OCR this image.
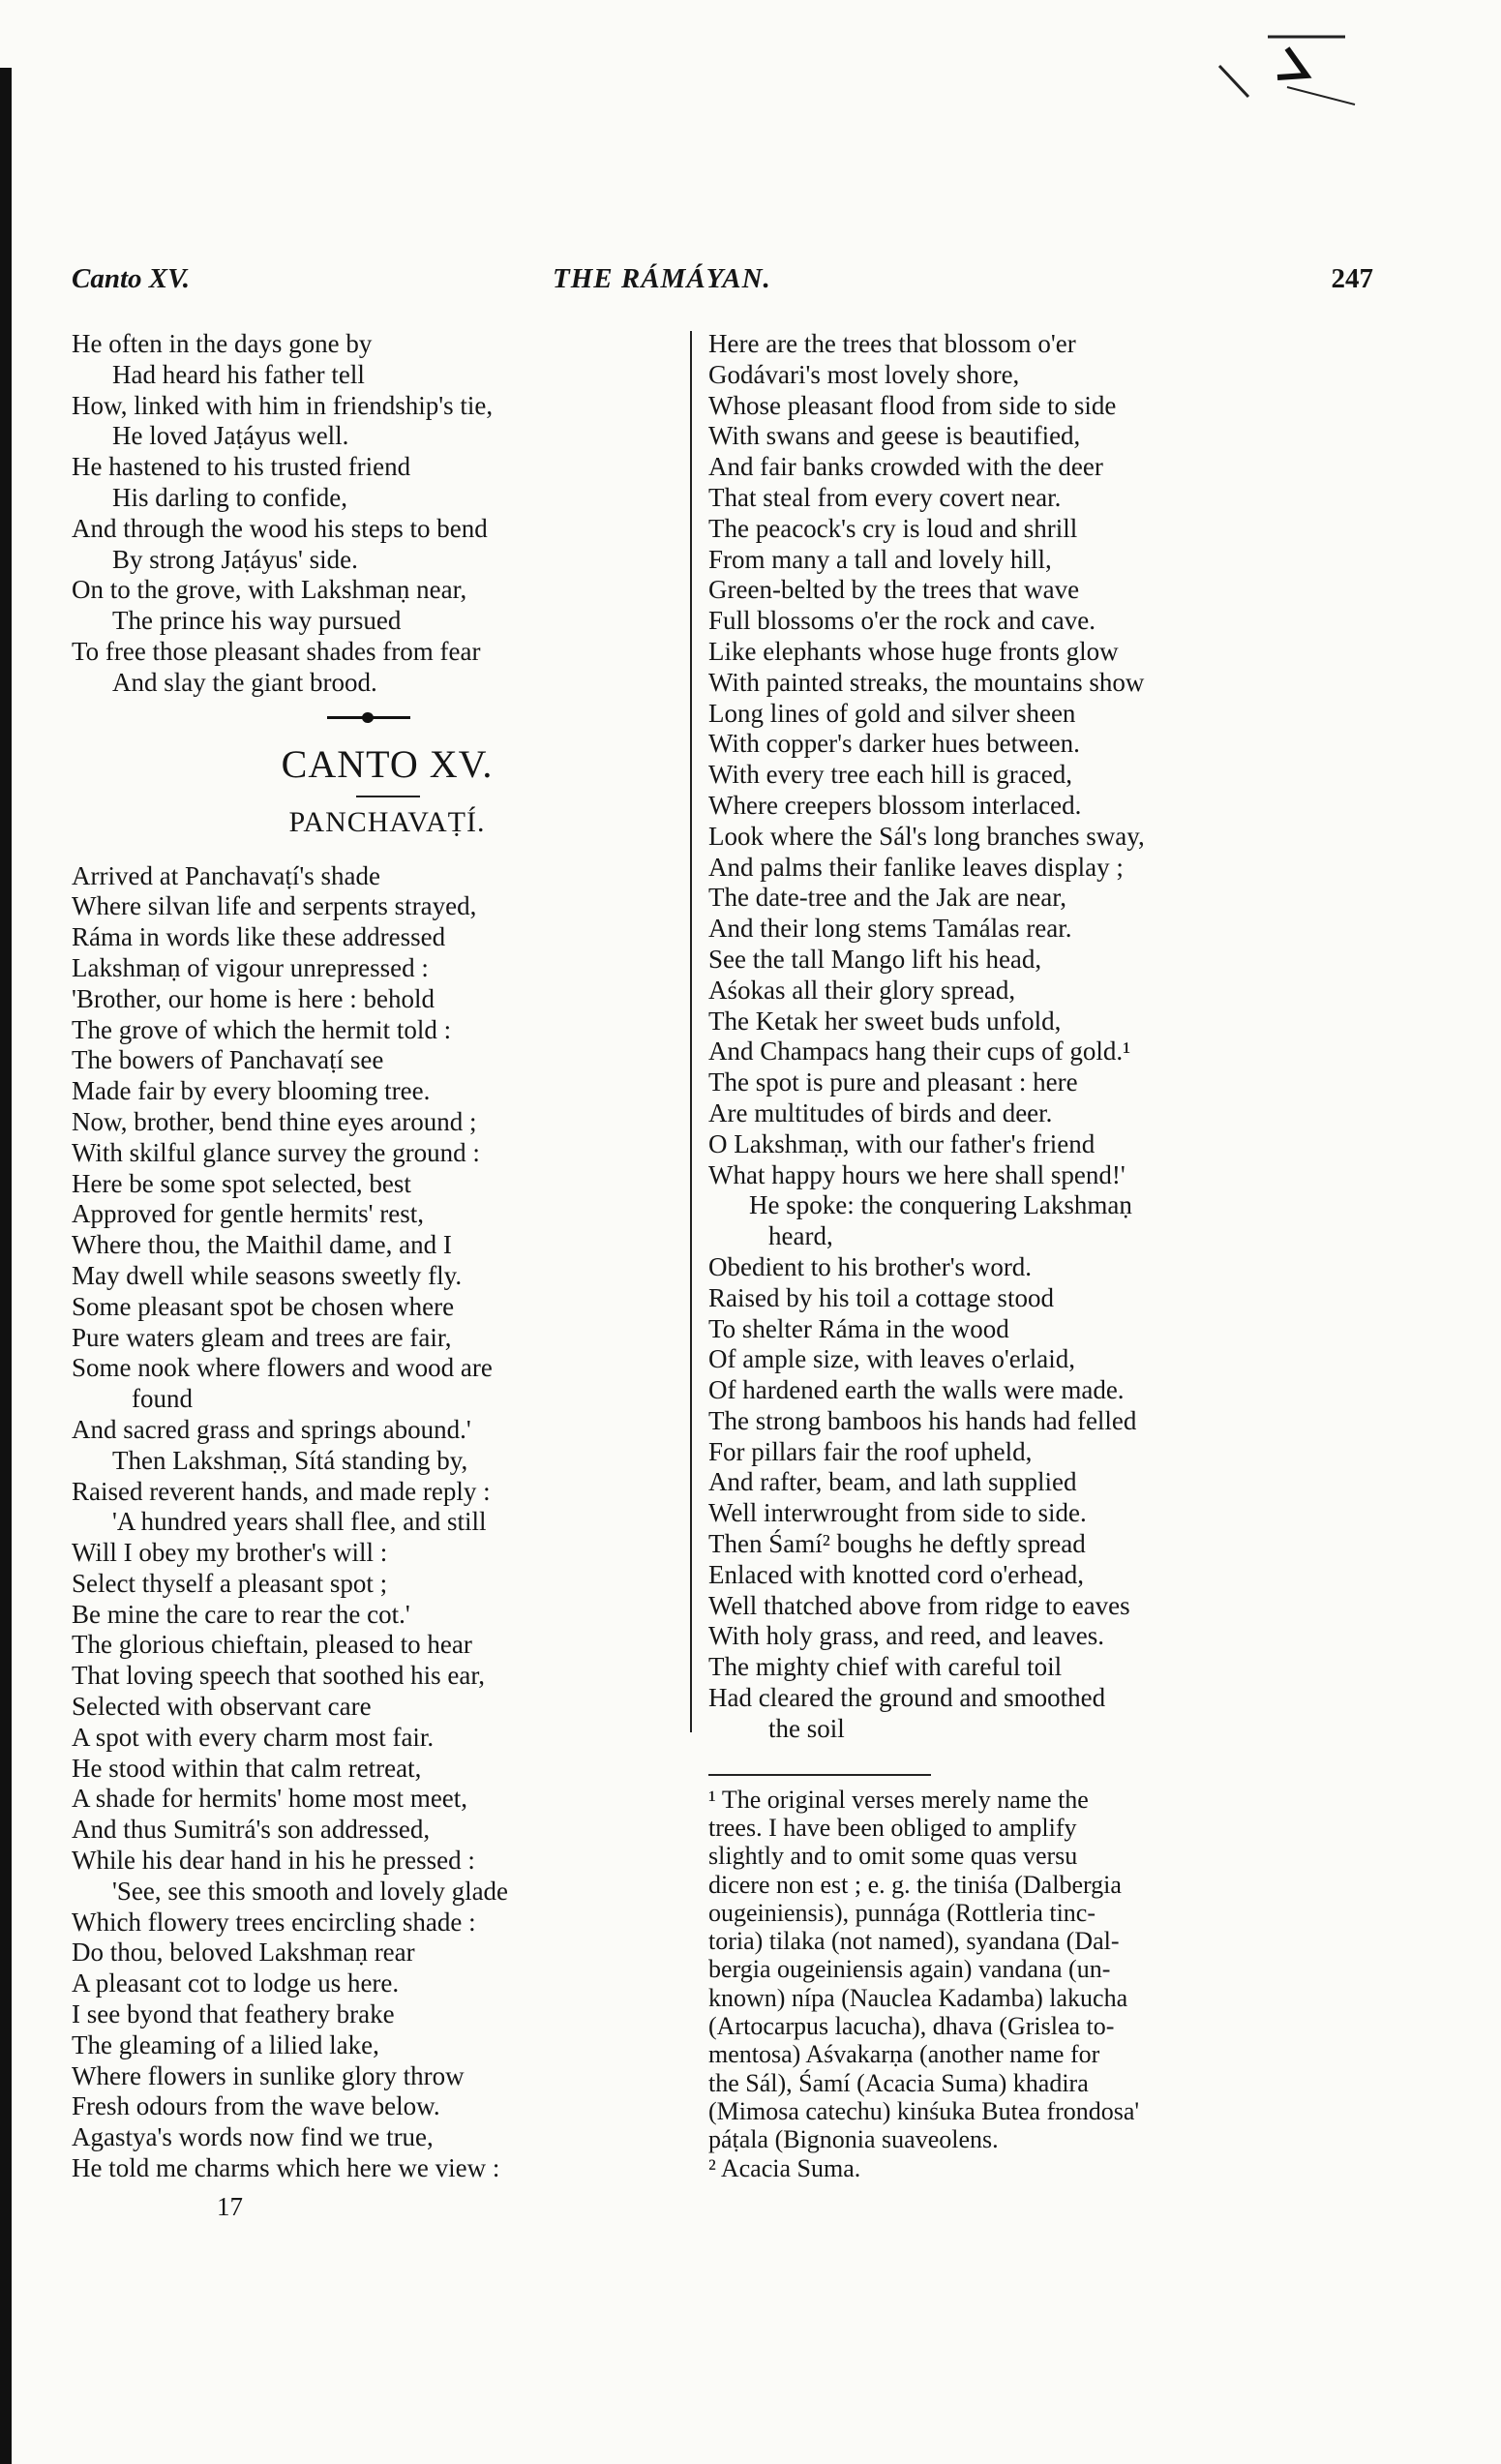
Canto XV.	THE RÁMÁYAN.	247
He often in the days gone by
Had heard his father tell
How, linked with him in friendship's tie,
He loved Jaṭáyus well.
He hastened to his trusted friend
His darling to confide,
And through the wood his steps to bend
By strong Jaṭáyus' side.
On to the grove, with Lakshmaṇ near,
The prince his way pursued
To free those pleasant shades from fear
And slay the giant brood.
CANTO XV.
PANCHAVAṬÍ.
Arrived at Panchavaṭí's shade
Where silvan life and serpents strayed,
Ráma in words like these addressed
Lakshmaṇ of vigour unrepressed :
'Brother, our home is here : behold
The grove of which the hermit told :
The bowers of Panchavaṭí see
Made fair by every blooming tree.
Now, brother, bend thine eyes around ;
With skilful glance survey the ground :
Here be some spot selected, best
Approved for gentle hermits' rest,
Where thou, the Maithil dame, and I
May dwell while seasons sweetly fly.
Some pleasant spot be chosen where
Pure waters gleam and trees are fair,
Some nook where flowers and wood are
found
And sacred grass and springs abound.'
Then Lakshmaṇ, Sítá standing by,
Raised reverent hands, and made reply :
'A hundred years shall flee, and still
Will I obey my brother's will :
Select thyself a pleasant spot ;
Be mine the care to rear the cot.'
The glorious chieftain, pleased to hear
That loving speech that soothed his ear,
Selected with observant care
A spot with every charm most fair.
He stood within that calm retreat,
A shade for hermits' home most meet,
And thus Sumitrá's son addressed,
While his dear hand in his he pressed :
'See, see this smooth and lovely glade
Which flowery trees encircling shade :
Do thou, beloved Lakshmaṇ rear
A pleasant cot to lodge us here.
I see byond that feathery brake
The gleaming of a lilied lake,
Where flowers in sunlike glory throw
Fresh odours from the wave below.
Agastya's words now find we true,
He told me charms which here we view :
17
Here are the trees that blossom o'er
Godávari's most lovely shore,
Whose pleasant flood from side to side
With swans and geese is beautified,
And fair banks crowded with the deer
That steal from every covert near.
The peacock's cry is loud and shrill
From many a tall and lovely hill,
Green-belted by the trees that wave
Full blossoms o'er the rock and cave.
Like elephants whose huge fronts glow
With painted streaks, the mountains show
Long lines of gold and silver sheen
With copper's darker hues between.
With every tree each hill is graced,
Where creepers blossom interlaced.
Look where the Sál's long branches sway,
And palms their fanlike leaves display ;
The date-tree and the Jak are near,
And their long stems Tamálas rear.
See the tall Mango lift his head,
Aśokas all their glory spread,
The Ketak her sweet buds unfold,
And Champacs hang their cups of gold.¹
The spot is pure and pleasant : here
Are multitudes of birds and deer.
O Lakshmaṇ, with our father's friend
What happy hours we here shall spend!'
He spoke: the conquering Lakshmaṇ
heard,
Obedient to his brother's word.
Raised by his toil a cottage stood
To shelter Ráma in the wood
Of ample size, with leaves o'erlaid,
Of hardened earth the walls were made.
The strong bamboos his hands had felled
For pillars fair the roof upheld,
And rafter, beam, and lath supplied
Well interwrought from side to side.
Then Śamí² boughs he deftly spread
Enlaced with knotted cord o'erhead,
Well thatched above from ridge to eaves
With holy grass, and reed, and leaves.
The mighty chief with careful toil
Had cleared the ground and smoothed
the soil
¹ The original verses merely name the
trees. I have been obliged to amplify
slightly and to omit some quas versu
dicere non est ; e. g. the tiniśa (Dalbergia
ougeiniensis), punnága (Rottleria tinc-
toria) tilaka (not named), syandana (Dal-
bergia ougeiniensis again) vandana (un-
known) nípa (Nauclea Kadamba) lakucha
(Artocarpus lacucha), dhava (Grislea to-
mentosa) Aśvakarṇa (another name for
the Sál), Śamí (Acacia Suma) khadira
(Mimosa catechu) kinśuka Butea frondosa'
páṭala (Bignonia suaveolens.
² Acacia Suma.
